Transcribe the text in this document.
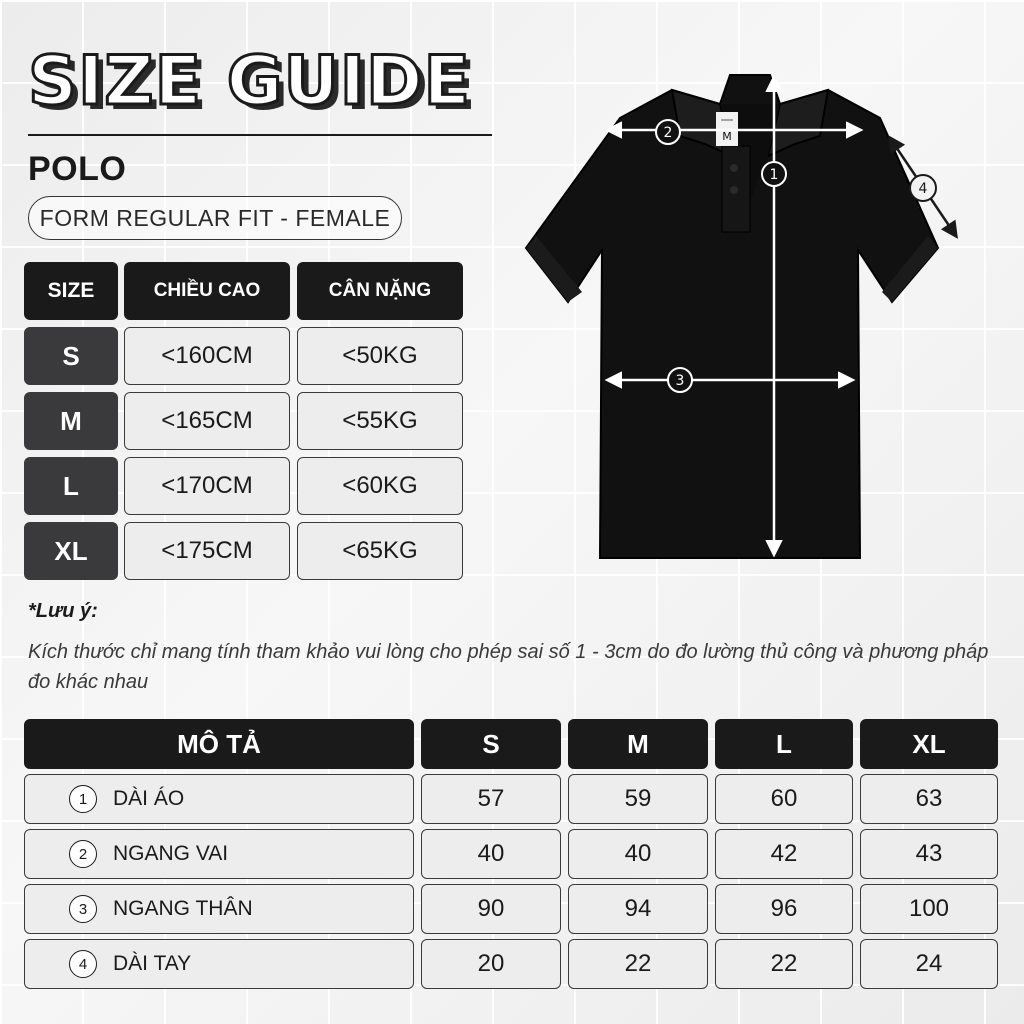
SIZE GUIDE
POLO
FORM REGULAR FIT - FEMALE
SIZE	CHIỀU CAO	CÂN NẶNG
S	<160CM	<50KG
M	<165CM	<55KG
L	<170CM	<60KG
XL	<175CM	<65KG
M
1
2
3
4
*Lưu ý:
Kích thước chỉ mang tính tham khảo vui lòng cho phép sai số 1 - 3cm do đo lường thủ công và phương pháp đo khác nhau
MÔ TẢ	S	M	L	XL
1	DÀI ÁO	57	59	60	63
2	NGANG VAI	40	40	42	43
3	NGANG THÂN	90	94	96	100
4	DÀI TAY	20	22	22	24
